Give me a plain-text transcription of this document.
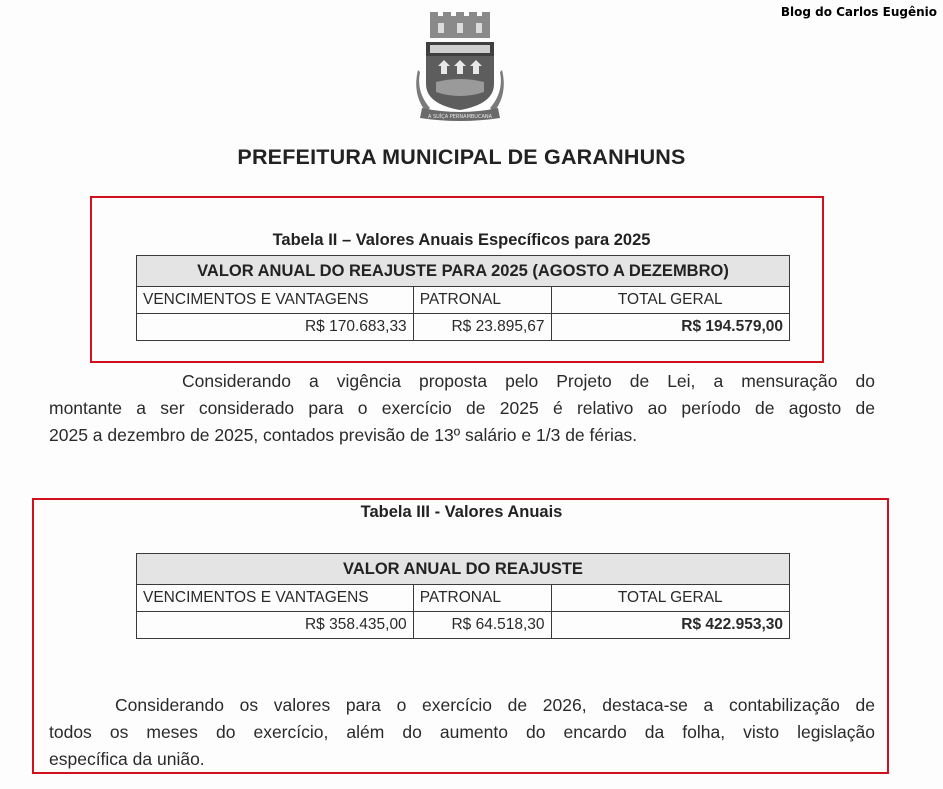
Blog do Carlos Eugênio
A SUÍÇA PERNAMBUCANA
PREFEITURA MUNICIPAL DE GARANHUNS
Tabela II – Valores Anuais Específicos para 2025
VALOR ANUAL DO REAJUSTE PARA 2025 (AGOSTO A DEZEMBRO)		
VENCIMENTOS E VANTAGENS	PATRONAL	TOTAL GERAL
R$ 170.683,33	R$ 23.895,67	R$ 194.579,00
Considerando a vigência proposta pelo Projeto de Lei, a mensuração do
montante a ser considerado para o exercício de 2025 é relativo ao período de agosto de
2025 a dezembro de 2025, contados previsão de 13º salário e 1/3 de férias.
Tabela III - Valores Anuais
VALOR ANUAL DO REAJUSTE		
VENCIMENTOS E VANTAGENS	PATRONAL	TOTAL GERAL
R$ 358.435,00	R$ 64.518,30	R$ 422.953,30
Considerando os valores para o exercício de 2026, destaca-se a contabilização de
todos os meses do exercício, além do aumento do encardo da folha, visto legislação
específica da união.
